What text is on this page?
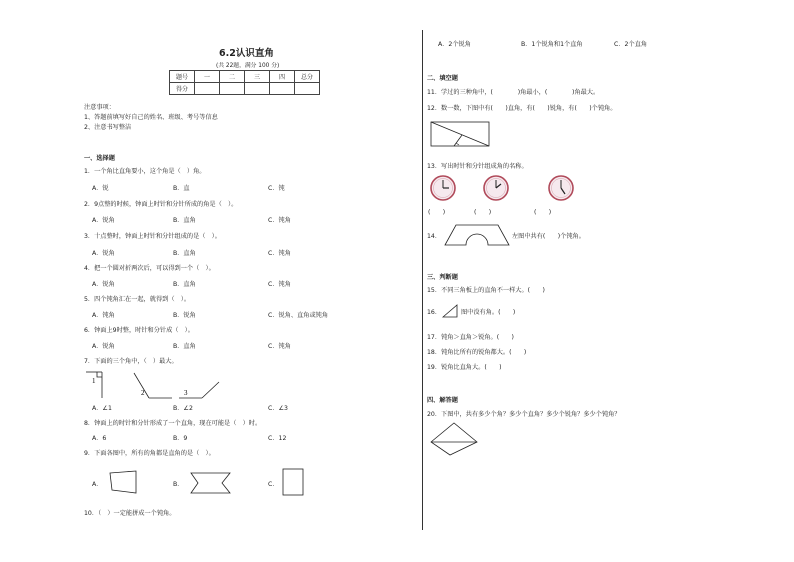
6.2认识直角
(共 22题，满分 100 分)
题号	一	二	三	四	总分
得分					
注意事项：
1、答题前填写好自己的姓名、班级、考号等信息
2、注意书写整洁
一、选择题
1．一个角比直角要小，这个角是（　）角。
A．锐	B．直	C．钝
2．9点整的时候，钟面上时针和分针所成的角是（　）。
A．锐角	B．直角	C．钝角
3．十点整时，钟面上时针和分针组成的是（　）。
A．锐角	B．直角	C．钝角
4．把一个圆对折两次后，可以得到一个（　）。
A．锐角	B．直角	C．钝角
5．四个钝角汇在一起，就得到（　）。
A．钝角	B．锐角	C．锐角、直角或钝角
6．钟面上9时整，时针和分针成（　）。
A．锐角	B．直角	C．钝角
7．下面的三个角中，（　）最大。
1
2	3
A．∠1	B．∠2	C．∠3
8．钟面上的时针和分针形成了一个直角，现在可能是（　）时。
A．6	B．9	C．12
9．下面各图中，所有的角都是直角的是（　）。
A．	B．	C．
10．（　）一定能拼成一个钝角。
A．2个锐角	B．1个锐角和1个直角	C．2个直角
二、填空题
11．学过的三种角中，(　　　　)角最小，(　　　　)角最大。
12．数一数，下图中有(　　)直角，有(　　)锐角，有(　　)个钝角。
13．写出时针和分针组成角的名称。
(　　)	(　　)	(　　)
14．	左图中共有(　　)个钝角。
三、判断题
15．不同三角板上的直角不一样大。(　　)
16．	图中没有角。(　　)
17．钝角＞直角＞锐角。(　　)
18．钝角比所有的锐角都大。(　　)
19．锐角比直角大。(　　)
四、解答题
20．下图中，共有多少个角？多少个直角？多少个锐角？多少个钝角？
